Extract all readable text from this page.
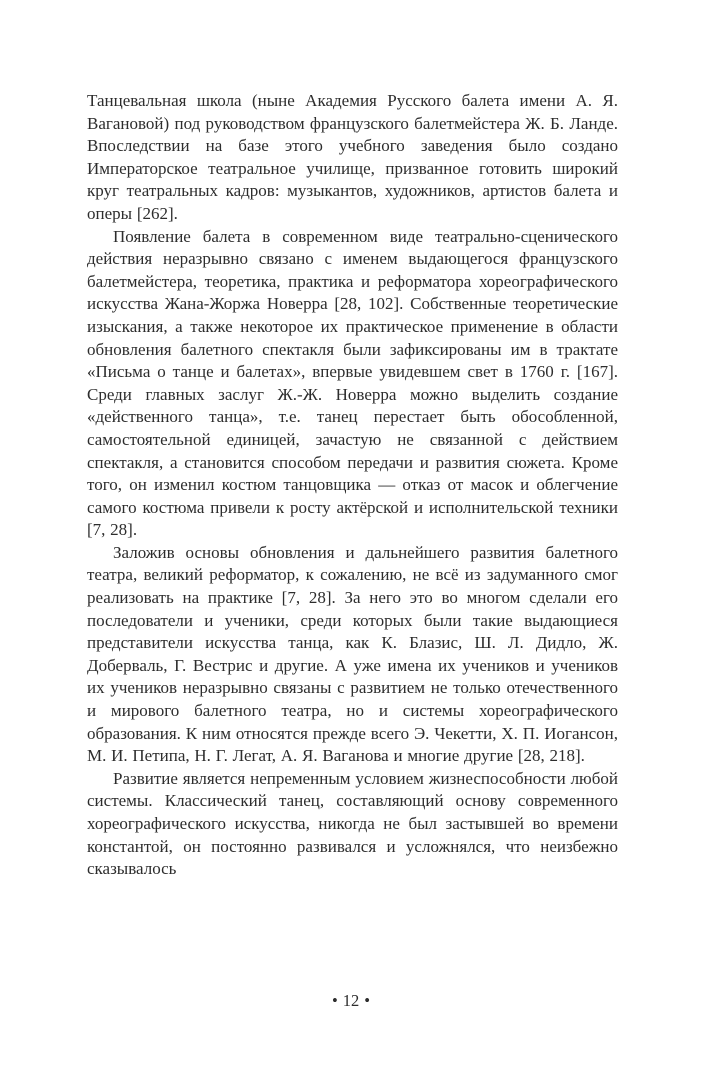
Танцевальная школа (ныне Академия Русского балета имени А. Я. Вагановой) под руководством французского балетмейстера Ж. Б. Ланде. Впоследствии на базе этого учебного заведения было создано Императорское театральное училище, призванное готовить широкий круг театральных кадров: музыкантов, художников, артистов балета и оперы [262].

Появление балета в современном виде театрально-сценического действия неразрывно связано с именем выдающегося французского балетмейстера, теоретика, практика и реформатора хореографического искусства Жана-Жоржа Новерра [28, 102]. Собственные теоретические изыскания, а также некоторое их практическое применение в области обновления балетного спектакля были зафиксированы им в трактате «Письма о танце и балетах», впервые увидевшем свет в 1760 г. [167]. Среди главных заслуг Ж.-Ж. Новерра можно выделить создание «действенного танца», т.е. танец перестает быть обособленной, самостоятельной единицей, зачастую не связанной с действием спектакля, а становится способом передачи и развития сюжета. Кроме того, он изменил костюм танцовщика — отказ от масок и облегчение самого костюма привели к росту актёрской и исполнительской техники [7, 28].

Заложив основы обновления и дальнейшего развития балетного театра, великий реформатор, к сожалению, не всё из задуманного смог реализовать на практике [7, 28]. За него это во многом сделали его последователи и ученики, среди которых были такие выдающиеся представители искусства танца, как К. Блазис, Ш. Л. Дидло, Ж. Доберваль, Г. Вестрис и другие. А уже имена их учеников и учеников их учеников неразрывно связаны с развитием не только отечественного и мирового балетного театра, но и системы хореографического образования. К ним относятся прежде всего Э. Чекетти, Х. П. Иогансон, М. И. Петипа, Н. Г. Легат, А. Я. Ваганова и многие другие [28, 218].

Развитие является непременным условием жизнеспособности любой системы. Классический танец, составляющий основу современного хореографического искусства, никогда не был застывшей во времени константой, он постоянно развивался и усложнялся, что неизбежно сказывалось

• 12 •
